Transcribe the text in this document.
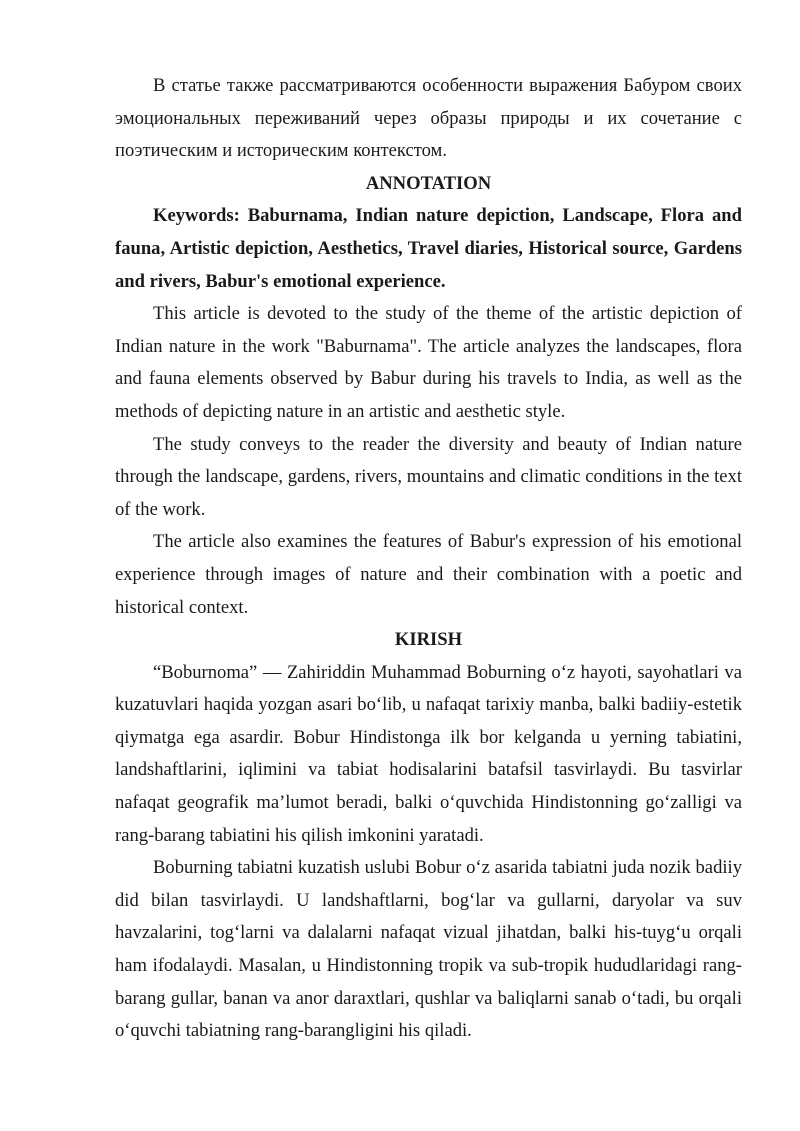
В статье также рассматриваются особенности выражения Бабуром своих эмоциональных переживаний через образы природы и их сочетание с поэтическим и историческим контекстом.

ANNOTATION

Keywords: Baburnama, Indian nature depiction, Landscape, Flora and fauna, Artistic depiction, Aesthetics, Travel diaries, Historical source, Gardens and rivers, Babur's emotional experience.

This article is devoted to the study of the theme of the artistic depiction of Indian nature in the work "Baburnama". The article analyzes the landscapes, flora and fauna elements observed by Babur during his travels to India, as well as the methods of depicting nature in an artistic and aesthetic style.

The study conveys to the reader the diversity and beauty of Indian nature through the landscape, gardens, rivers, mountains and climatic conditions in the text of the work.

The article also examines the features of Babur's expression of his emotional experience through images of nature and their combination with a poetic and historical context.

KIRISH

“Boburnoma” — Zahiriddin Muhammad Boburning o‘z hayoti, sayohatlari va kuzatuvlari haqida yozgan asari bo‘lib, u nafaqat tarixiy manba, balki badiiy-estetik qiymatga ega asardir. Bobur Hindistonga ilk bor kelganda u yerning tabiatini, landshaftlarini, iqlimini va tabiat hodisalarini batafsil tasvirlaydi. Bu tasvirlar nafaqat geografik ma’lumot beradi, balki o‘quvchida Hindistonning go‘zalligi va rang-barang tabiatini his qilish imkonini yaratadi.

Boburning tabiatni kuzatish uslubi Bobur o‘z asarida tabiatni juda nozik badiiy did bilan tasvirlaydi. U landshaftlarni, bog‘lar va gullarni, daryolar va suv havzalarini, tog‘larni va dalalarni nafaqat vizual jihatdan, balki his-tuyg‘u orqali ham ifodalaydi. Masalan, u Hindistonning tropik va sub-tropik hududlaridagi rang-barang gullar, banan va anor daraxtlari, qushlar va baliqlarni sanab o‘tadi, bu orqali o‘quvchi tabiatning rang-barangligini his qiladi.
